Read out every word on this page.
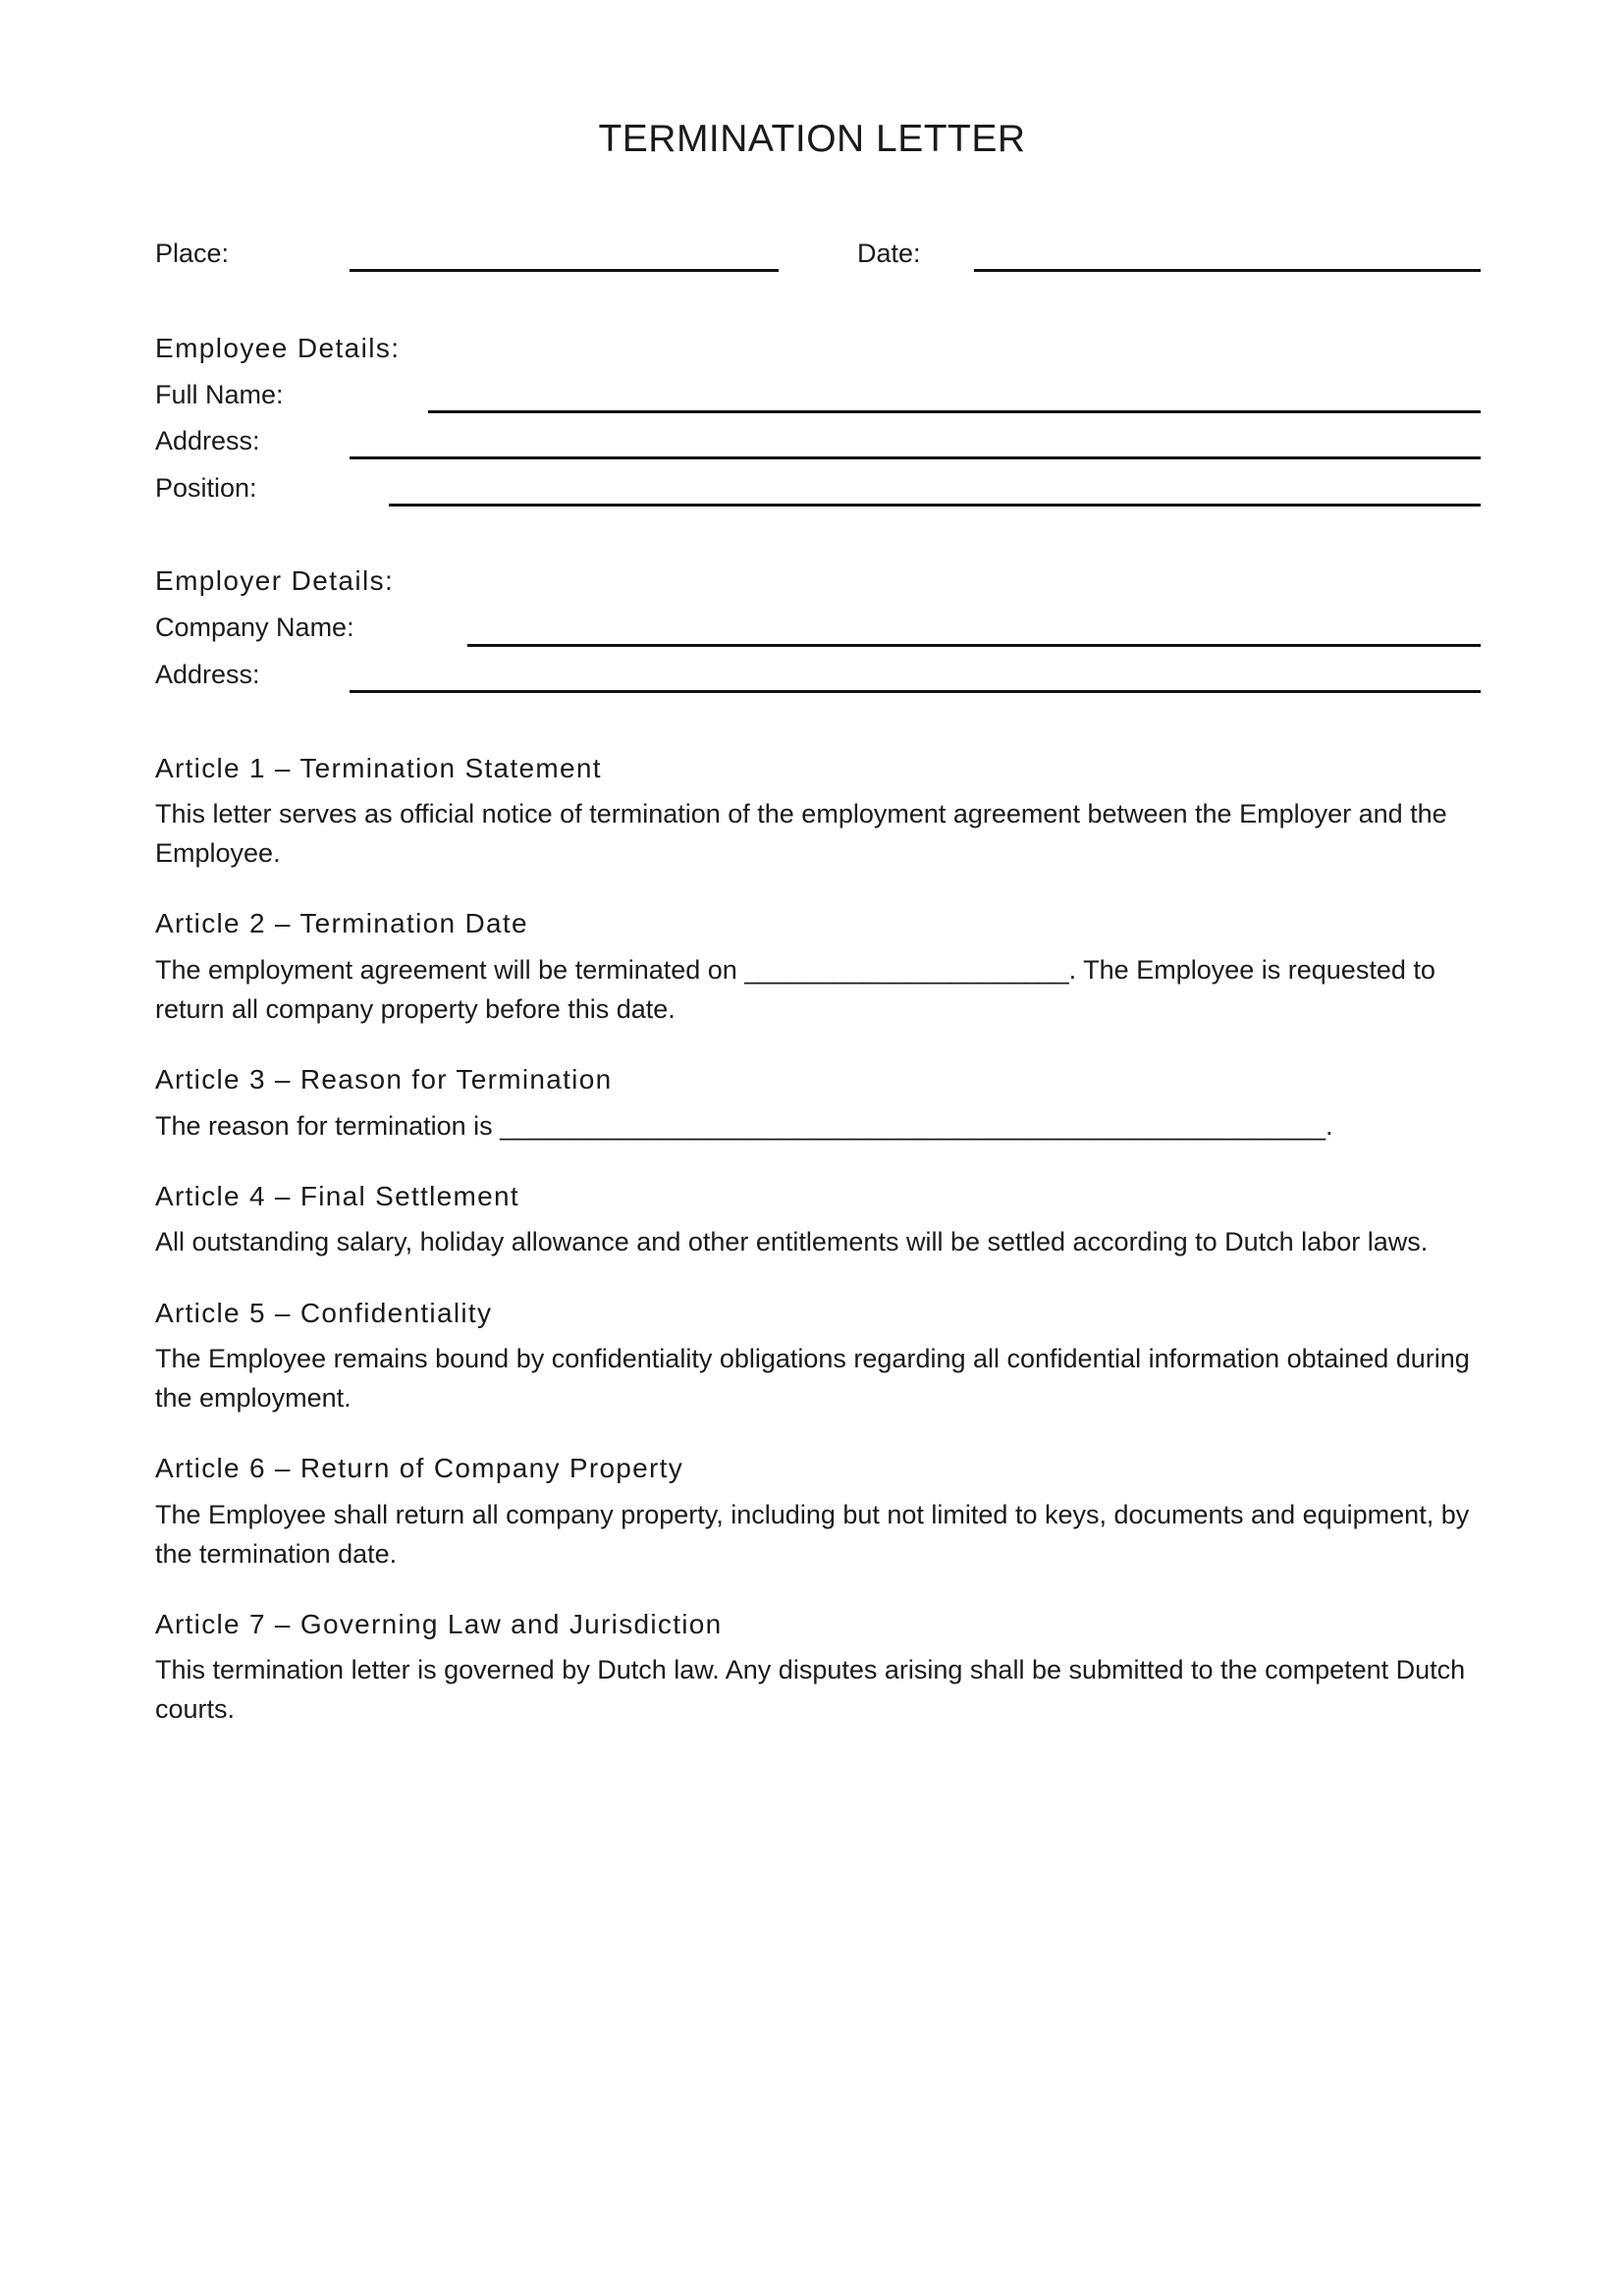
TERMINATION LETTER
Place:	Date:
Employee Details:
Full Name:
Address:
Position:
Employer Details:
Company Name:
Address:
Article 1 – Termination Statement
This letter serves as official notice of termination of the employment agreement between the Employer and the Employee.
Article 2 – Termination Date
The employment agreement will be terminated on ______________________. The Employee is requested to return all company property before this date.
Article 3 – Reason for Termination
The reason for termination is ________________________________________________________.
Article 4 – Final Settlement
All outstanding salary, holiday allowance and other entitlements will be settled according to Dutch labor laws.
Article 5 – Confidentiality
The Employee remains bound by confidentiality obligations regarding all confidential information obtained during the employment.
Article 6 – Return of Company Property
The Employee shall return all company property, including but not limited to keys, documents and equipment, by the termination date.
Article 7 – Governing Law and Jurisdiction
This termination letter is governed by Dutch law. Any disputes arising shall be submitted to the competent Dutch courts.
